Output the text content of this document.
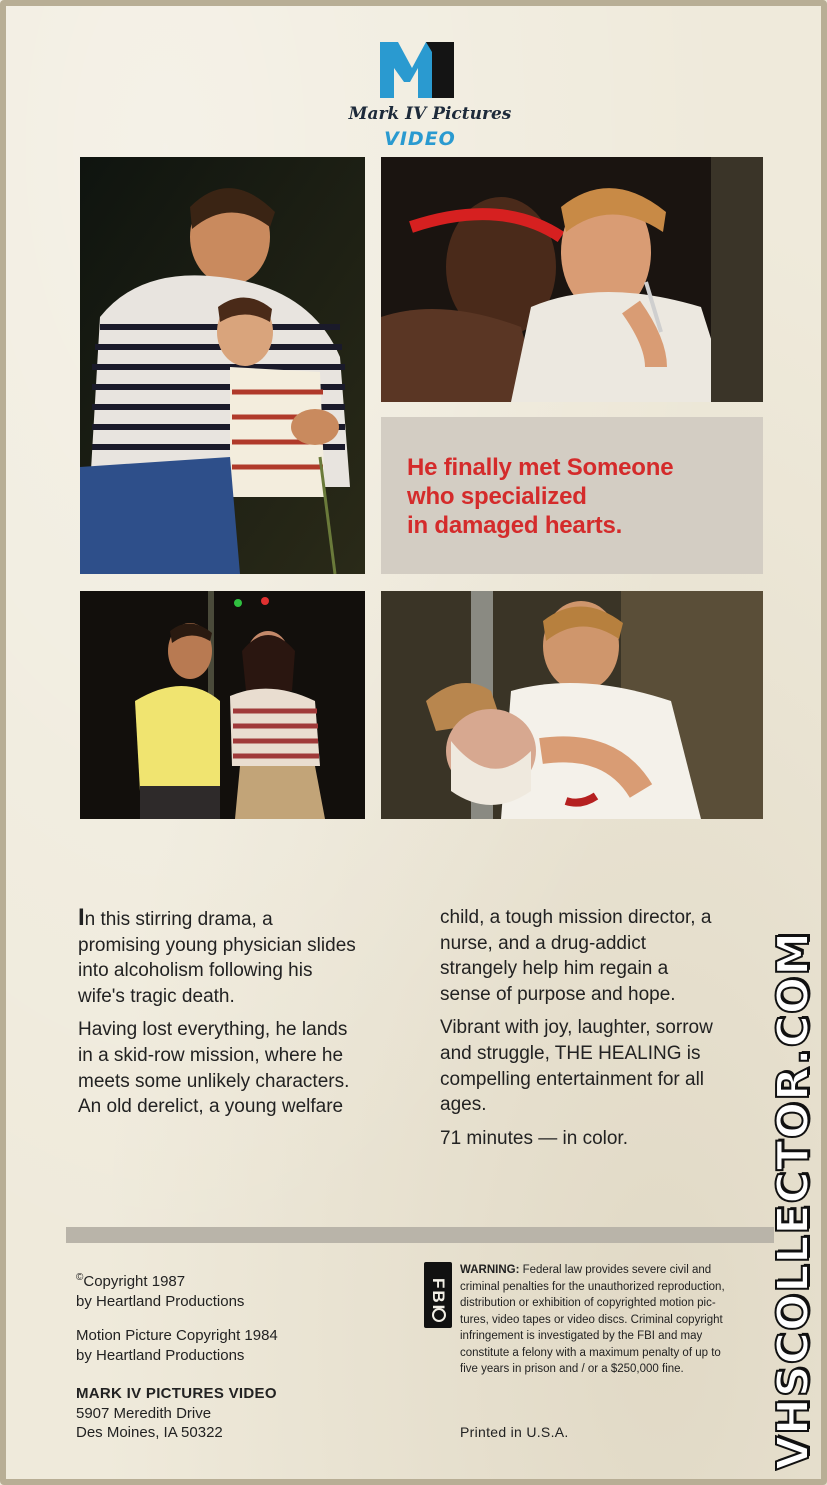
Mark IV Pictures
VIDEO
He finally met Someone
who specialized
in damaged hearts.

In this stirring drama, a
promising young physician slides
into alcoholism following his
wife's tragic death.

Having lost everything, he lands
in a skid-row mission, where he
meets some unlikely characters.
An old derelict, a young welfare

child, a tough mission director, a
nurse, and a drug-addict
strangely help him regain a
sense of purpose and hope.

Vibrant with joy, laughter, sorrow
and struggle, THE HEALING is
compelling entertainment for all
ages.

71 minutes — in color.

©Copyright 1987
by Heartland Productions
Motion Picture Copyright 1984
by Heartland Productions
MARK IV PICTURES VIDEO
5907 Meredith Drive
Des Moines, IA 50322
FBI
WARNING: Federal law provides severe civil and
criminal penalties for the unauthorized reproduction,
distribution or exhibition of copyrighted motion pic-
tures, video tapes or video discs. Criminal copyright
infringement is investigated by the FBI and may
constitute a felony with a maximum penalty of up to
five years in prison and / or a $250,000 fine.
Printed in U.S.A.	VHSCOLLECTOR.COM
